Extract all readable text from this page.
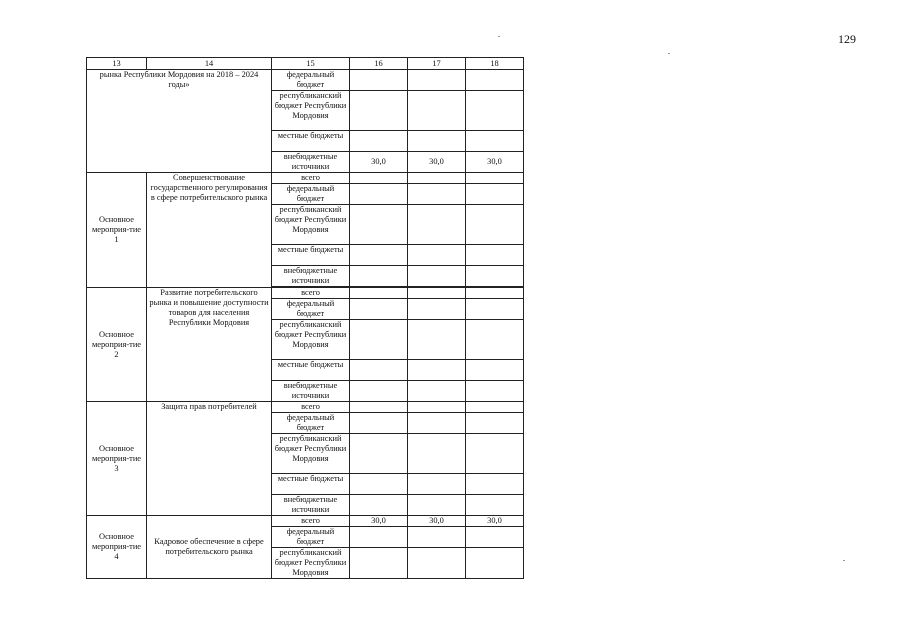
129
13	14	15	16	17	18
рынка Республики Мордовия на 2018 – 2024 годы»		федеральный бюджет			
		республиканский бюджет Республики Мордовия			
		местные бюджеты			
		внебюджетные источники	30,0	30,0	30,0
Основное мероприя-тие 1	Совершенствование государственного регулирования в сфере потребительского рынка	всего			
		федеральный бюджет			
		республиканский бюджет Республики Мордовия			
		местные бюджеты			
		внебюджетные источники			

Основное мероприя-тие 2	Развитие потребительского рынка и повышение доступности товаров для населения Республики Мордовия	всего			
		федеральный бюджет			
		республиканский бюджет Республики Мордовия			
		местные бюджеты			
		внебюджетные источники			
Основное мероприя-тие 3	Защита прав потребителей	всего			
		федеральный бюджет			
		республиканский бюджет Республики Мордовия			
		местные бюджеты			
		внебюджетные источники			
Основное мероприя-тие 4	Кадровое обеспечение в сфере потребительского рынка	всего	30,0	30,0	30,0
		федеральный бюджет			
		республиканский бюджет Республики Мордовия			
